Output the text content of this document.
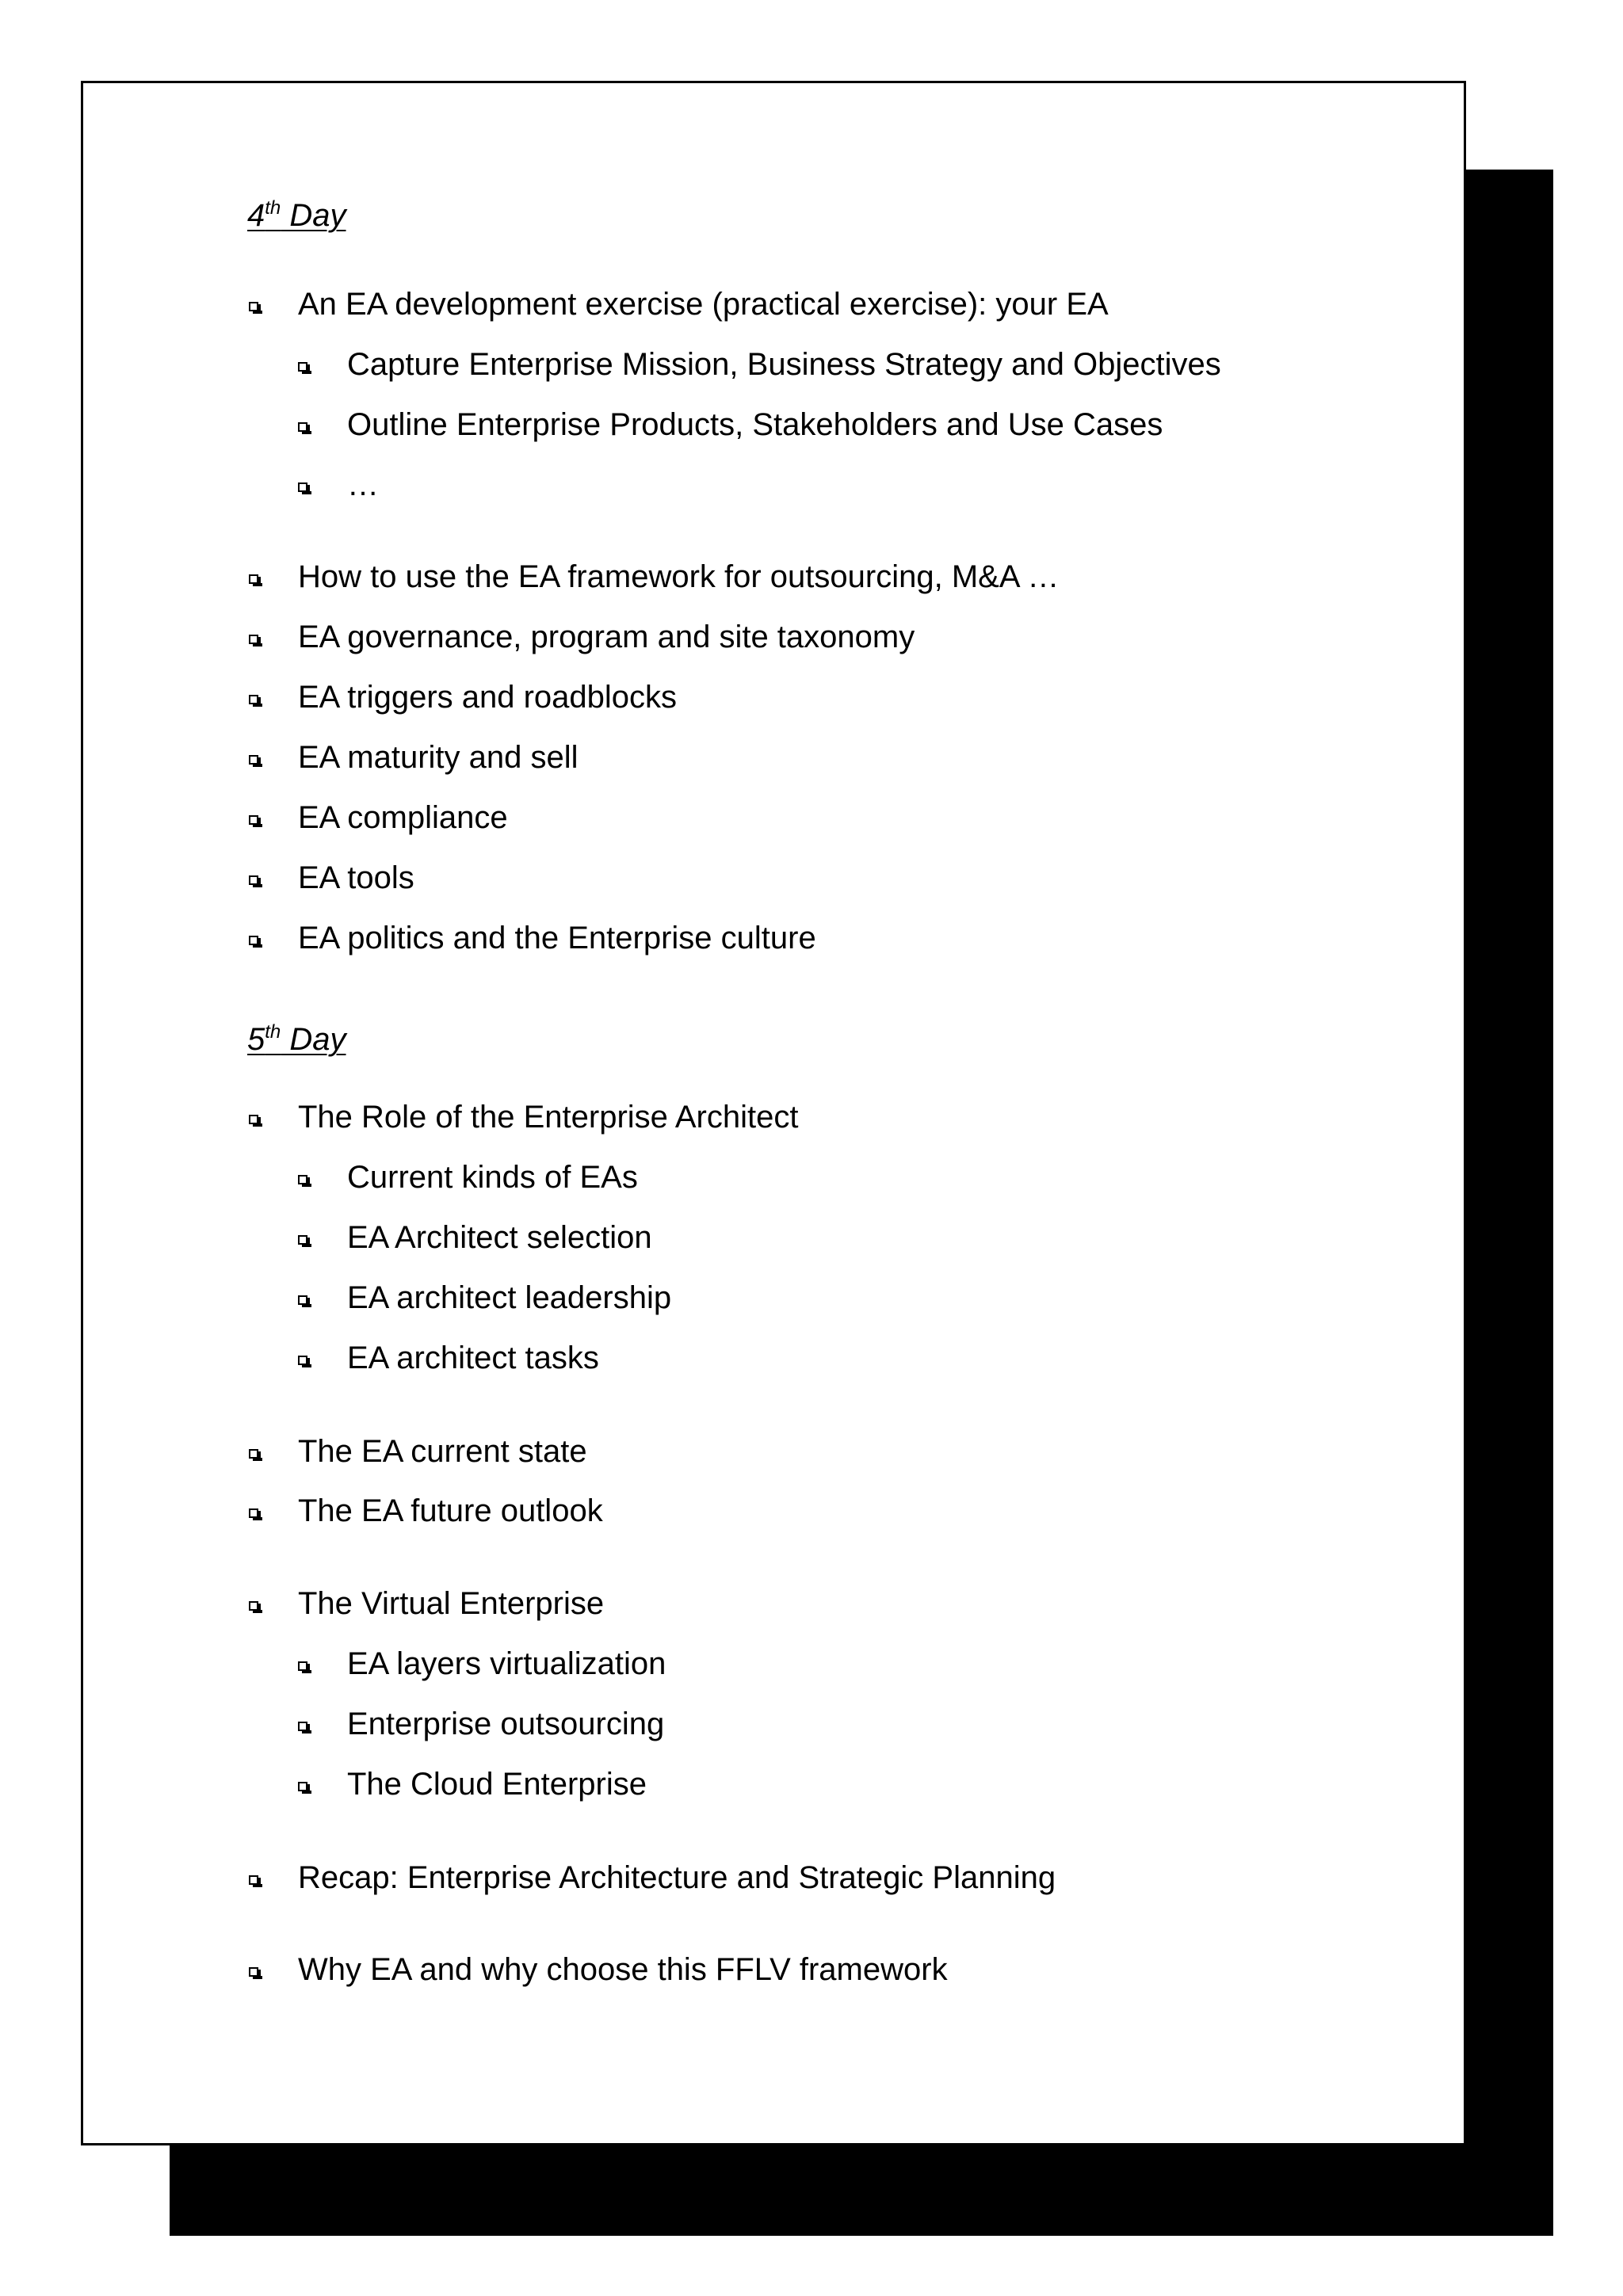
4th Day
An EA development exercise (practical exercise): your EA
Capture Enterprise Mission, Business Strategy and Objectives
Outline Enterprise Products, Stakeholders and Use Cases
…
How to use the EA framework for outsourcing, M&A …
EA governance, program and site taxonomy
EA triggers and roadblocks
EA maturity and sell
EA compliance
EA tools
EA politics and the Enterprise culture
5th Day
The Role of the Enterprise Architect
Current kinds of EAs
EA Architect selection
EA architect leadership
EA architect tasks
The EA current state
The EA future outlook
The Virtual Enterprise
EA layers virtualization
Enterprise outsourcing
The Cloud Enterprise
Recap: Enterprise Architecture and Strategic Planning
Why EA and why choose this FFLV framework
